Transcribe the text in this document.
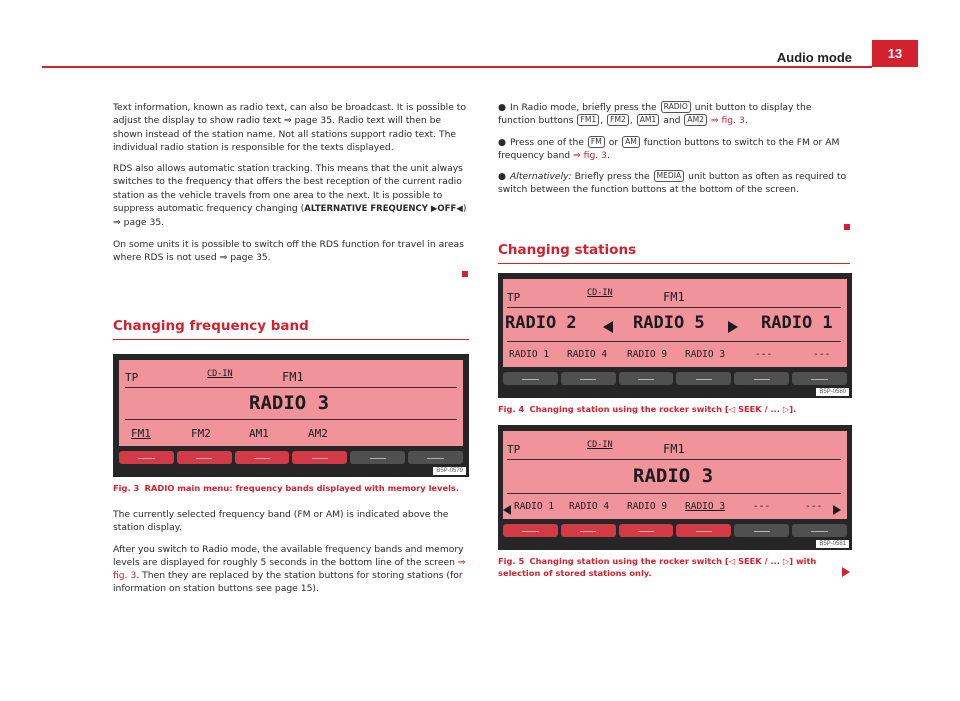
Audio mode	13

Text information, known as radio text, can also be broadcast. It is possible to adjust the display to show radio text ⇒ page 35. Radio text will then be shown instead of the station name. Not all stations support radio text. The individual radio station is responsible for the texts displayed.

RDS also allows automatic station tracking. This means that the unit always switches to the frequency that offers the best reception of the current radio station as the vehicle travels from one area to the next. It is possible to suppress automatic frequency changing (ALTERNATIVE FREQUENCY ▶OFF◀) ⇒ page 35.

On some units it is possible to switch off the RDS function for travel in areas where RDS is not used ⇒ page 35.

Changing frequency band
TP	CD-IN	FM1
RADIO 3
FM1	FM2	AM1	AM2
B5P-0579
Fig. 3 RADIO main menu: frequency bands displayed with memory levels.

The currently selected frequency band (FM or AM) is indicated above the station display.

After you switch to Radio mode, the available frequency bands and memory levels are displayed for roughly 5 seconds in the bottom line of the screen ⇒ fig. 3. Then they are replaced by the station buttons for storing stations (for information on station buttons see page 15).

● In Radio mode, briefly press the RADIO unit button to display the function buttons FM1 , FM2 , AM1 and AM2 ⇒ fig. 3.

● Press one of the FM or AM function buttons to switch to the FM or AM frequency band ⇒ fig. 3.

● Alternatively: Briefly press the MEDIA unit button as often as required to switch between the function buttons at the bottom of the screen.

Changing stations
TP	CD-IN	FM1
RADIO 2	RADIO 5	RADIO 1
RADIO 1 RADIO 4 RADIO 9 RADIO 3	---	---
B5P-0580
Fig. 4 Changing station using the rocker switch [◁ SEEK / ... ▷].
TP	CD-IN	FM1
RADIO 3
RADIO 1 RADIO 4 RADIO 9 RADIO 3	---	---
B5P-0581
Fig. 5 Changing station using the rocker switch [◁ SEEK / ... ▷] with selection of stored stations only.
